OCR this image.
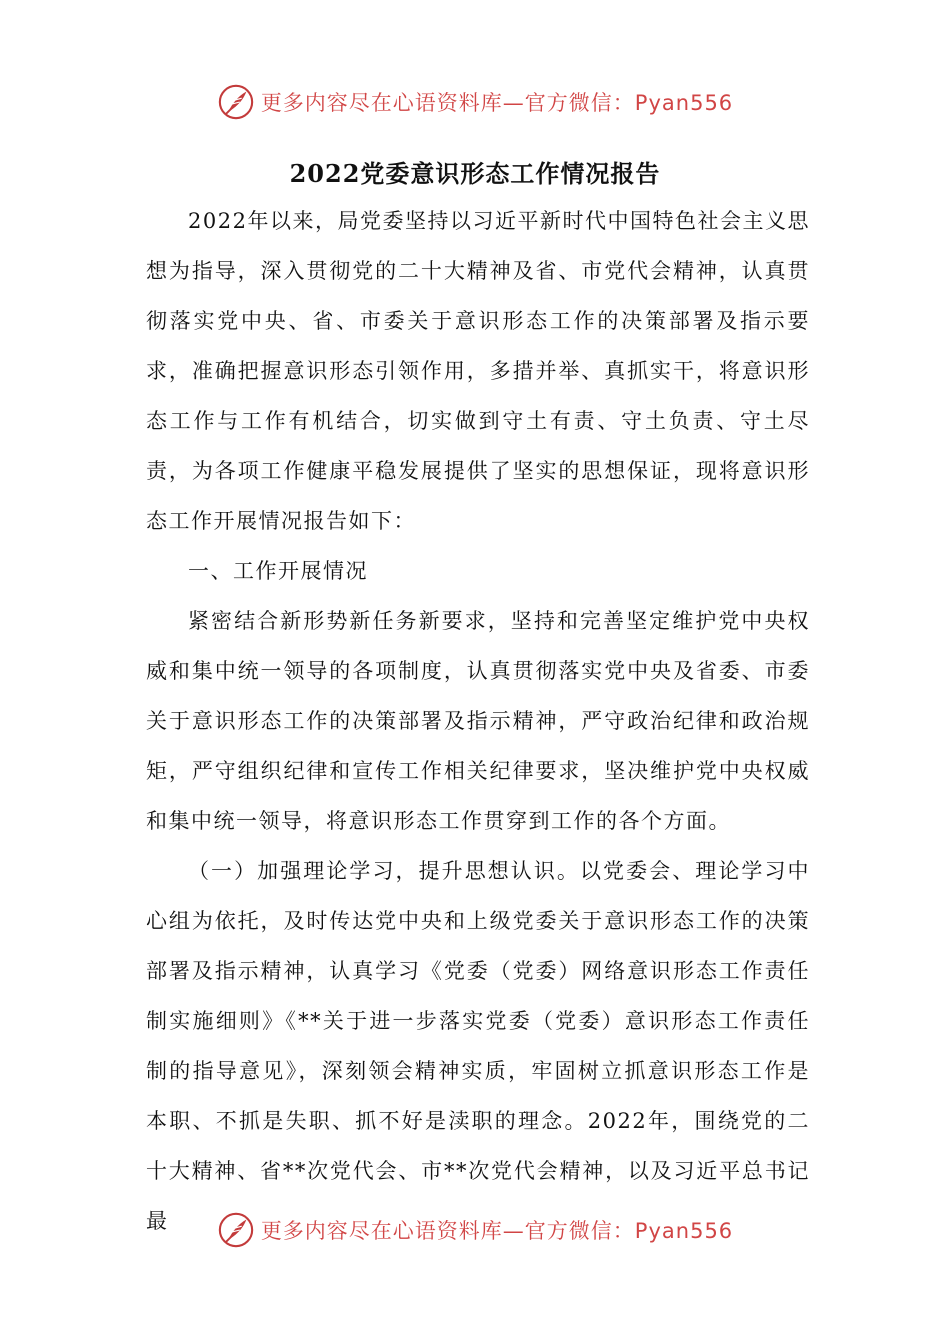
更多内容尽在心语资料库—官方微信：Pyan556
2022党委意识形态工作情况报告

2022年以来，局党委坚持以习近平新时代中国特色社会主义思想为指导，深入贯彻党的二十大精神及省、市党代会精神，认真贯彻落实党中央、省、市委关于意识形态工作的决策部署及指示要求，准确把握意识形态引领作用，多措并举、真抓实干，将意识形态工作与工作有机结合，切实做到守土有责、守土负责、守土尽责，为各项工作健康平稳发展提供了坚实的思想保证，现将意识形态工作开展情况报告如下：

一、工作开展情况

紧密结合新形势新任务新要求，坚持和完善坚定维护党中央权威和集中统一领导的各项制度，认真贯彻落实党中央及省委、市委关于意识形态工作的决策部署及指示精神，严守政治纪律和政治规矩，严守组织纪律和宣传工作相关纪律要求，坚决维护党中央权威和集中统一领导，将意识形态工作贯穿到工作的各个方面。

（一）加强理论学习，提升思想认识。以党委会、理论学习中心组为依托，及时传达党中央和上级党委关于意识形态工作的决策部署及指示精神，认真学习《党委（党委）网络意识形态工作责任制实施细则》《**关于进一步落实党委（党委）意识形态工作责任制的指导意见》，深刻领会精神实质，牢固树立抓意识形态工作是本职、不抓是失职、抓不好是渎职的理念。2022年，围绕党的二十大精神、省**次党代会、市**次党代会精神，以及习近平总书记最	更多内容尽在心语资料库—官方微信：Pyan556
